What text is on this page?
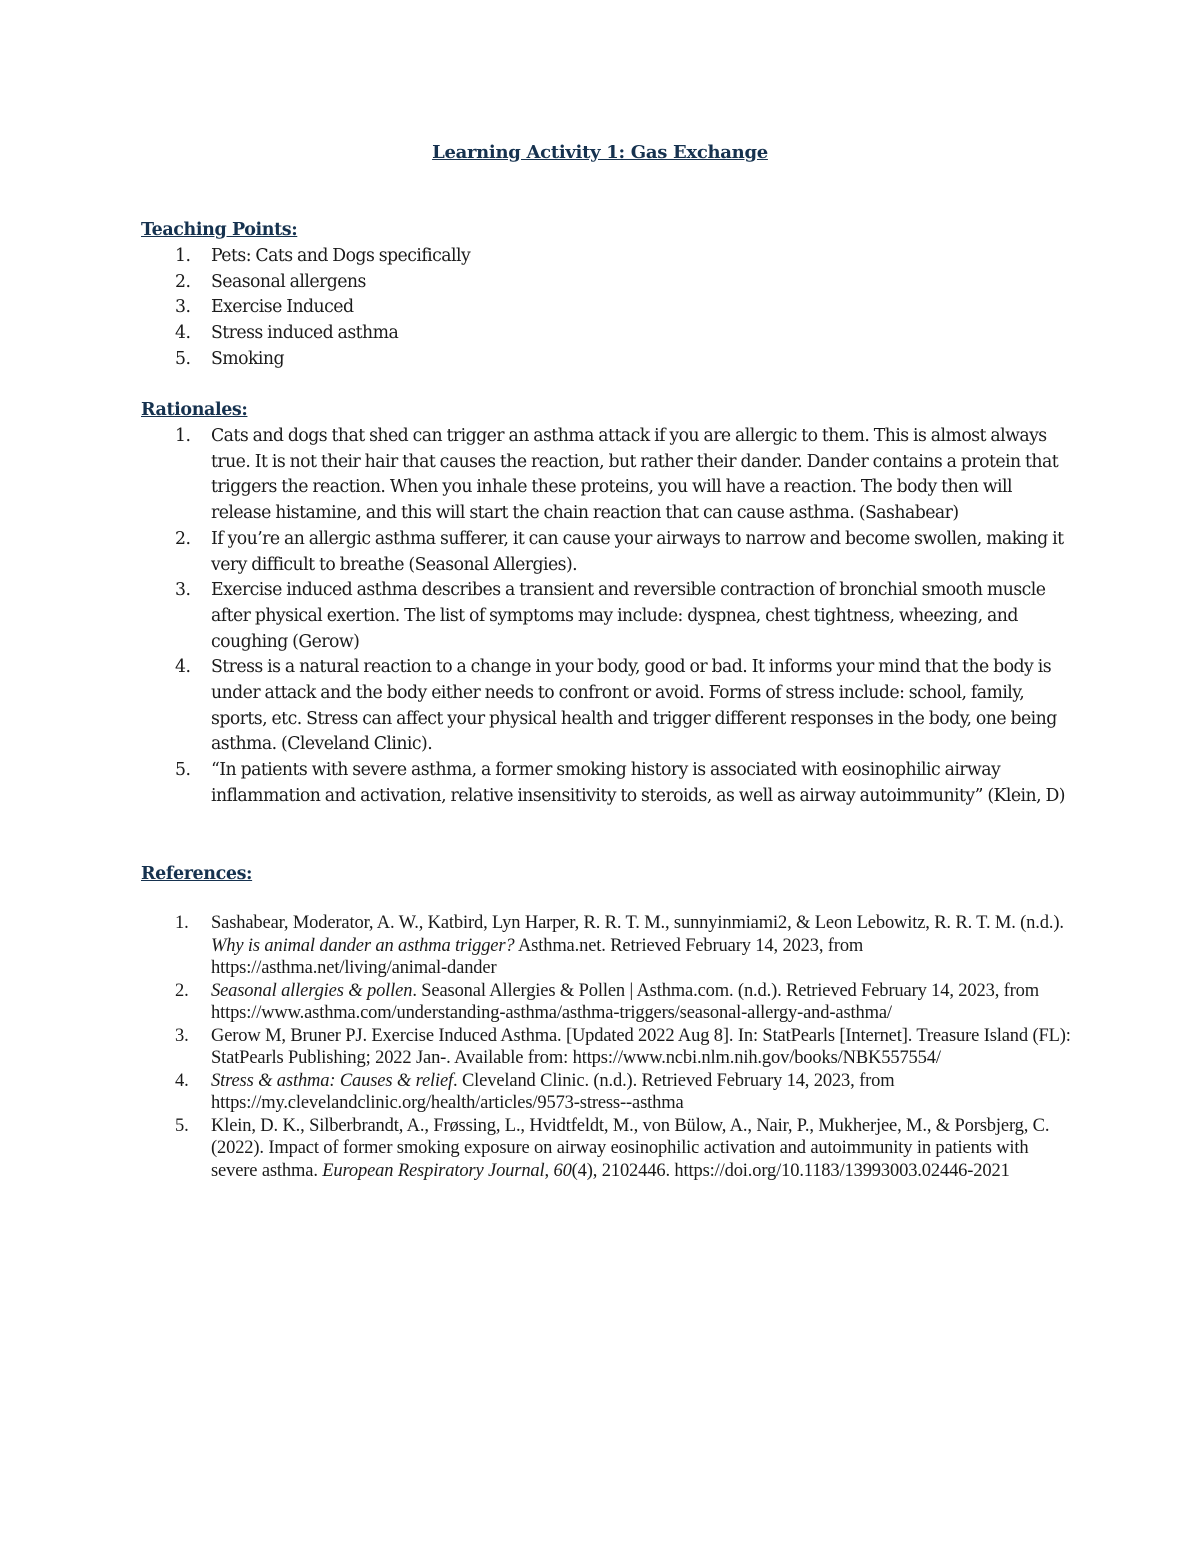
Learning Activity 1: Gas Exchange
Teaching Points:
1. Pets: Cats and Dogs specifically
2. Seasonal allergens
3. Exercise Induced
4. Stress induced asthma
5. Smoking
Rationales:
1. Cats and dogs that shed can trigger an asthma attack if you are allergic to them. This is almost always true. It is not their hair that causes the reaction, but rather their dander. Dander contains a protein that triggers the reaction. When you inhale these proteins, you will have a reaction. The body then will release histamine, and this will start the chain reaction that can cause asthma. (Sashabear)
2. If you’re an allergic asthma sufferer, it can cause your airways to narrow and become swollen, making it very difficult to breathe (Seasonal Allergies).
3. Exercise induced asthma describes a transient and reversible contraction of bronchial smooth muscle after physical exertion. The list of symptoms may include: dyspnea, chest tightness, wheezing, and coughing (Gerow)
4. Stress is a natural reaction to a change in your body, good or bad. It informs your mind that the body is under attack and the body either needs to confront or avoid. Forms of stress include: school, family, sports, etc. Stress can affect your physical health and trigger different responses in the body, one being asthma. (Cleveland Clinic).
5. “In patients with severe asthma, a former smoking history is associated with eosinophilic airway inflammation and activation, relative insensitivity to steroids, as well as airway autoimmunity” (Klein, D)
References:
1. Sashabear, Moderator, A. W., Katbird, Lyn Harper, R. R. T. M., sunnyinmiami2, & Leon Lebowitz, R. R. T. M. (n.d.). Why is animal dander an asthma trigger? Asthma.net. Retrieved February 14, 2023, from https://asthma.net/living/animal-dander
2. Seasonal allergies & pollen. Seasonal Allergies & Pollen | Asthma.com. (n.d.). Retrieved February 14, 2023, from https://www.asthma.com/understanding-asthma/asthma-triggers/seasonal-allergy-and-asthma/
3. Gerow M, Bruner PJ. Exercise Induced Asthma. [Updated 2022 Aug 8]. In: StatPearls [Internet]. Treasure Island (FL): StatPearls Publishing; 2022 Jan-. Available from: https://www.ncbi.nlm.nih.gov/books/NBK557554/
4. Stress & asthma: Causes & relief. Cleveland Clinic. (n.d.). Retrieved February 14, 2023, from https://my.clevelandclinic.org/health/articles/9573-stress--asthma
5. Klein, D. K., Silberbrandt, A., Frøssing, L., Hvidtfeldt, M., von Bülow, A., Nair, P., Mukherjee, M., & Porsbjerg, C. (2022). Impact of former smoking exposure on airway eosinophilic activation and autoimmunity in patients with severe asthma. European Respiratory Journal, 60(4), 2102446. https://doi.org/10.1183/13993003.02446-2021
